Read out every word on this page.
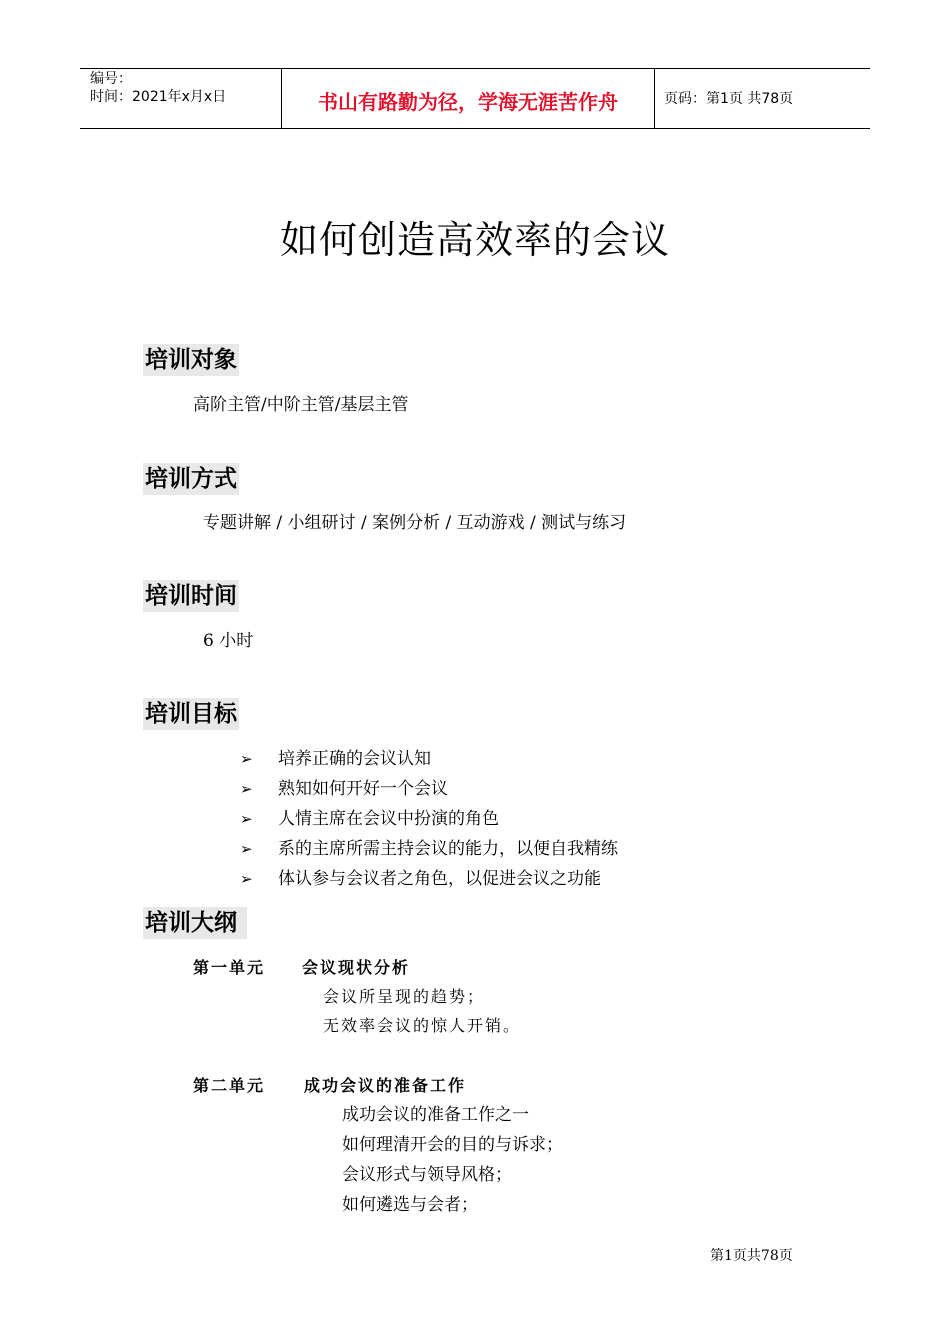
编号：
时间：2021年x月x日	书山有路勤为径，学海无涯苦作舟	页码：第1页 共78页
如何创造高效率的会议
培训对象
高阶主管/中阶主管/基层主管
培训方式
专题讲解 / 小组研讨 / 案例分析 / 互动游戏 / 测试与练习
培训时间
6 小时
培训目标
➢ 培养正确的会议认知
➢ 熟知如何开好一个会议
➢ 人情主席在会议中扮演的角色
➢ 系的主席所需主持会议的能力，以便自我精练
➢ 体认参与会议者之角色，以促进会议之功能
培训大纲
第一单元 会议现状分析
会议所呈现的趋势；
无效率会议的惊人开销。
第二单元 成功会议的准备工作
成功会议的准备工作之一
如何理清开会的目的与诉求；
会议形式与领导风格；
如何遴选与会者；
第1页共78页
